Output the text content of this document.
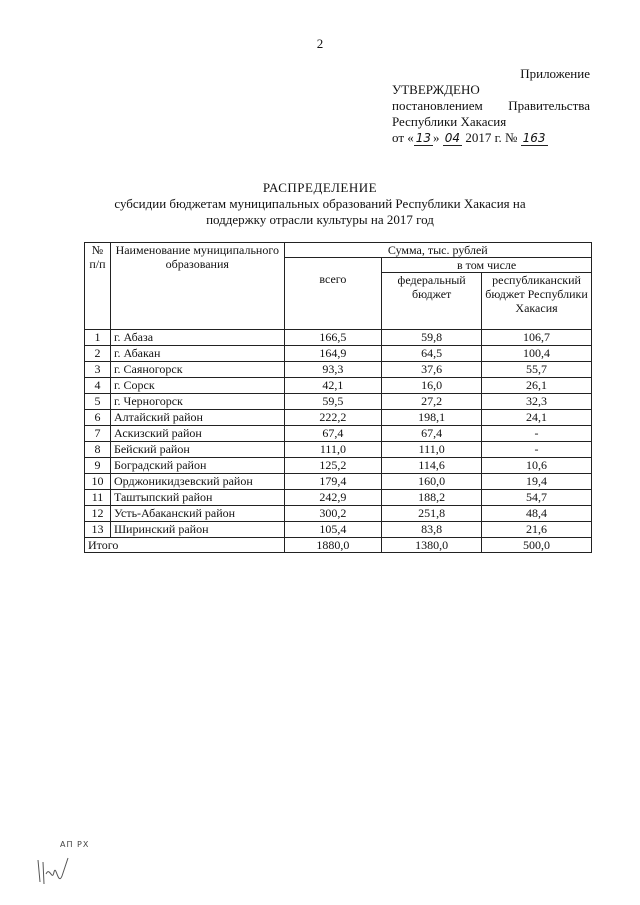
2
Приложение
УТВЕРЖДЕНО
постановлением Правительства
Республики Хакасия
от « 13 » 04 2017 г. № 163
РАСПРЕДЕЛЕНИЕ
субсидии бюджетам муниципальных образований Республики Хакасия на
поддержку отрасли культуры на 2017 год
№ п/п	Наименование муниципального образования	Сумма, тыс. рублей		
		всего	в том числе	
			федеральный бюджет	республиканский бюджет Республики Хакасия
1	г. Абаза	166,5	59,8	106,7
2	г. Абакан	164,9	64,5	100,4
3	г. Саяногорск	93,3	37,6	55,7
4	г. Сорск	42,1	16,0	26,1
5	г. Черногорск	59,5	27,2	32,3
6	Алтайский район	222,2	198,1	24,1
7	Аскизский район	67,4	67,4	-
8	Бейский район	111,0	111,0	-
9	Боградский район	125,2	114,6	10,6
10	Орджоникидзевский район	179,4	160,0	19,4
11	Таштыпский район	242,9	188,2	54,7
12	Усть-Абаканский район	300,2	251,8	48,4
13	Ширинский район	105,4	83,8	21,6
Итого		1880,0	1380,0	500,0
АП РХ
